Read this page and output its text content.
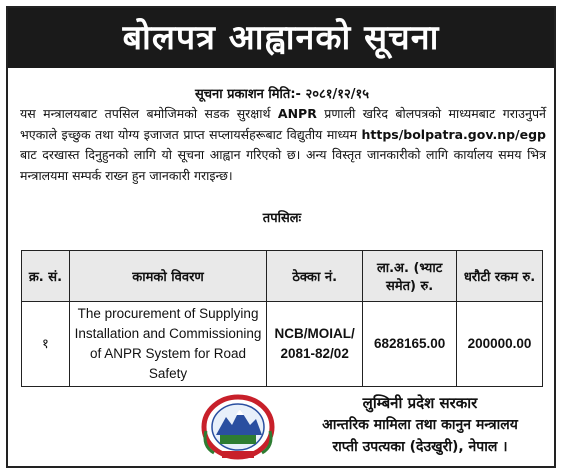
बोलपत्र आह्वानको सूचना
सूचना प्रकाशन मिति:- २०८१/१२/१५
यस मन्त्रालयबाट तपसिल बमोजिमको सडक सुरक्षार्थ ANPR प्रणाली खरिद बोलपत्रको माध्यमबाट गराउनुपर्ने भएकाले इच्छुक तथा योग्य इजाजत प्राप्त सप्लायर्सहरूबाट विद्युतीय माध्यम https/bolpatra.gov.np/egp बाट दरखास्त दिनुहुनको लागि यो सूचना आह्वान गरिएको छ। अन्य विस्तृत जानकारीको लागि कार्यालय समय भित्र मन्त्रालयमा सम्पर्क राख्न हुन जानकारी गराइन्छ।
तपसिलः
क्र. सं.	कामको विवरण	ठेक्का नं.	ला.अ. (भ्याट समेत) रु.	धरौटी रकम रु.
१	The procurement of Supplying Installation and Commissioning of ANPR System for Road Safety	NCB/MOIAL/ 2081-82/02	6828165.00	200000.00
लुम्बिनी प्रदेश सरकार
आन्तरिक मामिला तथा कानुन मन्त्रालय
राप्ती उपत्यका (देउखुरी), नेपाल ।
